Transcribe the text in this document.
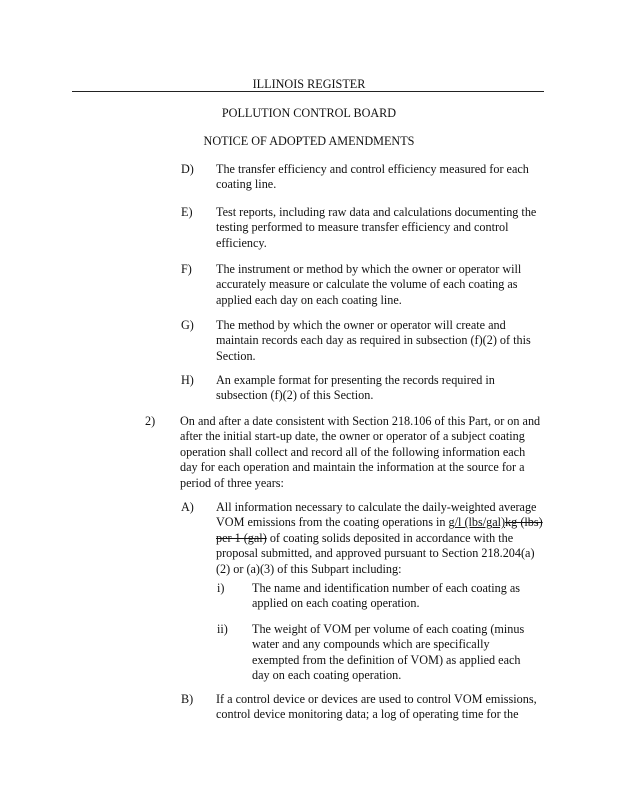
ILLINOIS REGISTER
POLLUTION CONTROL BOARD
NOTICE OF ADOPTED AMENDMENTS
D) The transfer efficiency and control efficiency measured for each coating line.
E) Test reports, including raw data and calculations documenting the testing performed to measure transfer efficiency and control efficiency.
F) The instrument or method by which the owner or operator will accurately measure or calculate the volume of each coating as applied each day on each coating line.
G) The method by which the owner or operator will create and maintain records each day as required in subsection (f)(2) of this Section.
H) An example format for presenting the records required in subsection (f)(2) of this Section.
2) On and after a date consistent with Section 218.106 of this Part, or on and after the initial start-up date, the owner or operator of a subject coating operation shall collect and record all of the following information each day for each operation and maintain the information at the source for a period of three years:
A) All information necessary to calculate the daily-weighted average VOM emissions from the coating operations in g/l (lbs/gal)kg (lbs) per 1 (gal) of coating solids deposited in accordance with the proposal submitted, and approved pursuant to Section 218.204(a)(2) or (a)(3) of this Subpart including:
i) The name and identification number of each coating as applied on each coating operation.
ii) The weight of VOM per volume of each coating (minus water and any compounds which are specifically exempted from the definition of VOM) as applied each day on each coating operation.
B) If a control device or devices are used to control VOM emissions, control device monitoring data; a log of operating time for the
